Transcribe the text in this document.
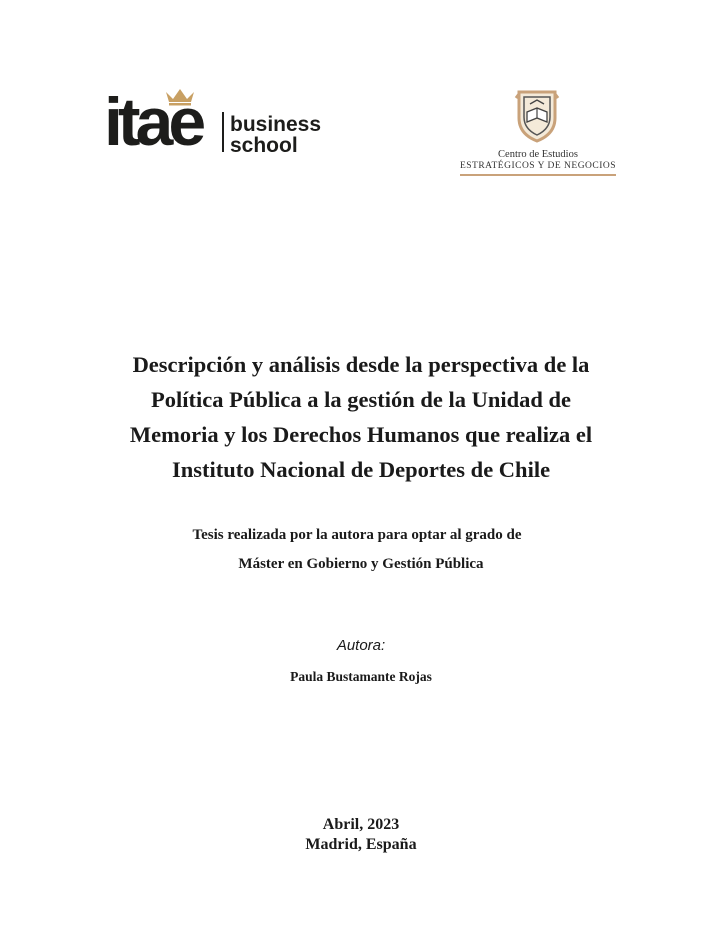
itae business
school	Centro de Estudios
ESTRATÉGICOS Y DE NEGOCIOS
Descripción y análisis desde la perspectiva de la
Política Pública a la gestión de la Unidad de
Memoria y los Derechos Humanos que realiza el
Instituto Nacional de Deportes de Chile
Tesis realizada por la autora para optar al grado de
Máster en Gobierno y Gestión Pública
Autora:
Paula Bustamante Rojas
Abril, 2023
Madrid, España
